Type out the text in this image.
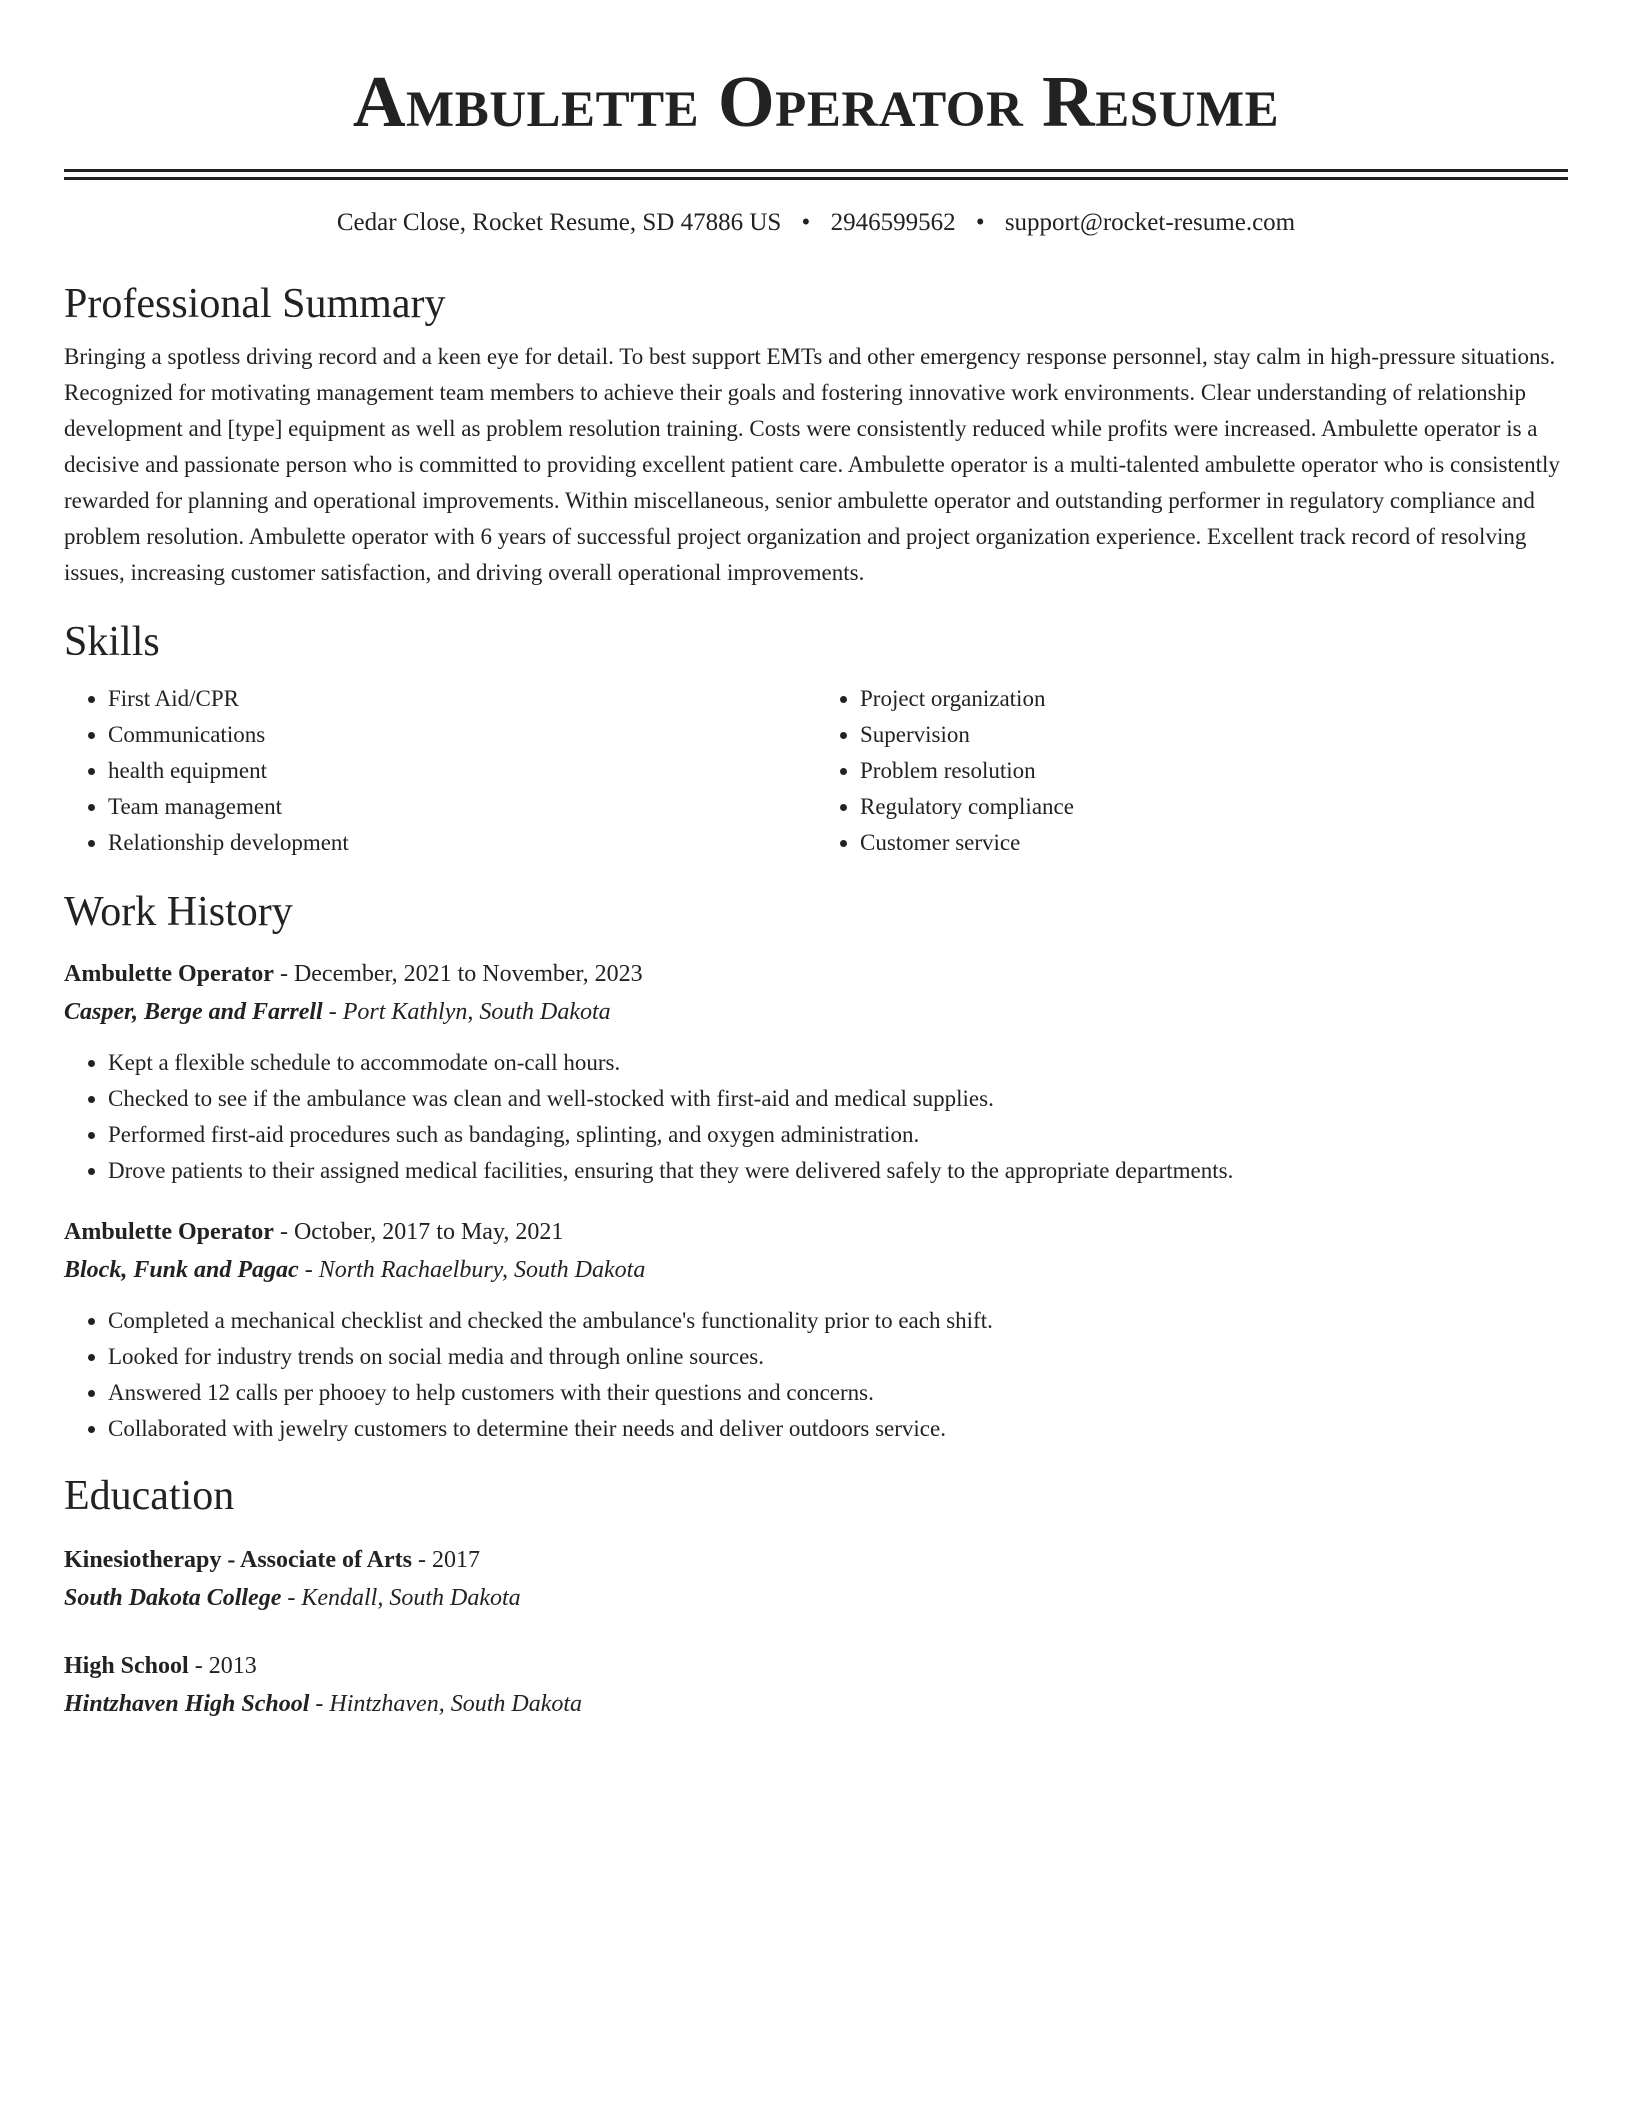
Ambulette Operator Resume
Cedar Close, Rocket Resume, SD 47886 US • 2946599562 • support@rocket-resume.com
Professional Summary

Bringing a spotless driving record and a keen eye for detail. To best support EMTs and other emergency response personnel, stay calm in high-pressure situations. Recognized for motivating management team members to achieve their goals and fostering innovative work environments. Clear understanding of relationship development and [type] equipment as well as problem resolution training. Costs were consistently reduced while profits were increased. Ambulette operator is a decisive and passionate person who is committed to providing excellent patient care. Ambulette operator is a multi-talented ambulette operator who is consistently rewarded for planning and operational improvements. Within miscellaneous, senior ambulette operator and outstanding performer in regulatory compliance and problem resolution. Ambulette operator with 6 years of successful project organization and project organization experience. Excellent track record of resolving issues, increasing customer satisfaction, and driving overall operational improvements.

Skills
• First Aid/CPR
• Communications
• health equipment
• Team management
• Relationship development
• Project organization
• Supervision
• Problem resolution
• Regulatory compliance
• Customer service
Work History
Ambulette Operator - December, 2021 to November, 2023
Casper, Berge and Farrell - Port Kathlyn, South Dakota
• Kept a flexible schedule to accommodate on-call hours.
• Checked to see if the ambulance was clean and well-stocked with first-aid and medical supplies.
• Performed first-aid procedures such as bandaging, splinting, and oxygen administration.
• Drove patients to their assigned medical facilities, ensuring that they were delivered safely to the appropriate departments.
Ambulette Operator - October, 2017 to May, 2021
Block, Funk and Pagac - North Rachaelbury, South Dakota
• Completed a mechanical checklist and checked the ambulance's functionality prior to each shift.
• Looked for industry trends on social media and through online sources.
• Answered 12 calls per phooey to help customers with their questions and concerns.
• Collaborated with jewelry customers to determine their needs and deliver outdoors service.
Education
Kinesiotherapy - Associate of Arts - 2017
South Dakota College - Kendall, South Dakota
High School - 2013
Hintzhaven High School - Hintzhaven, South Dakota
